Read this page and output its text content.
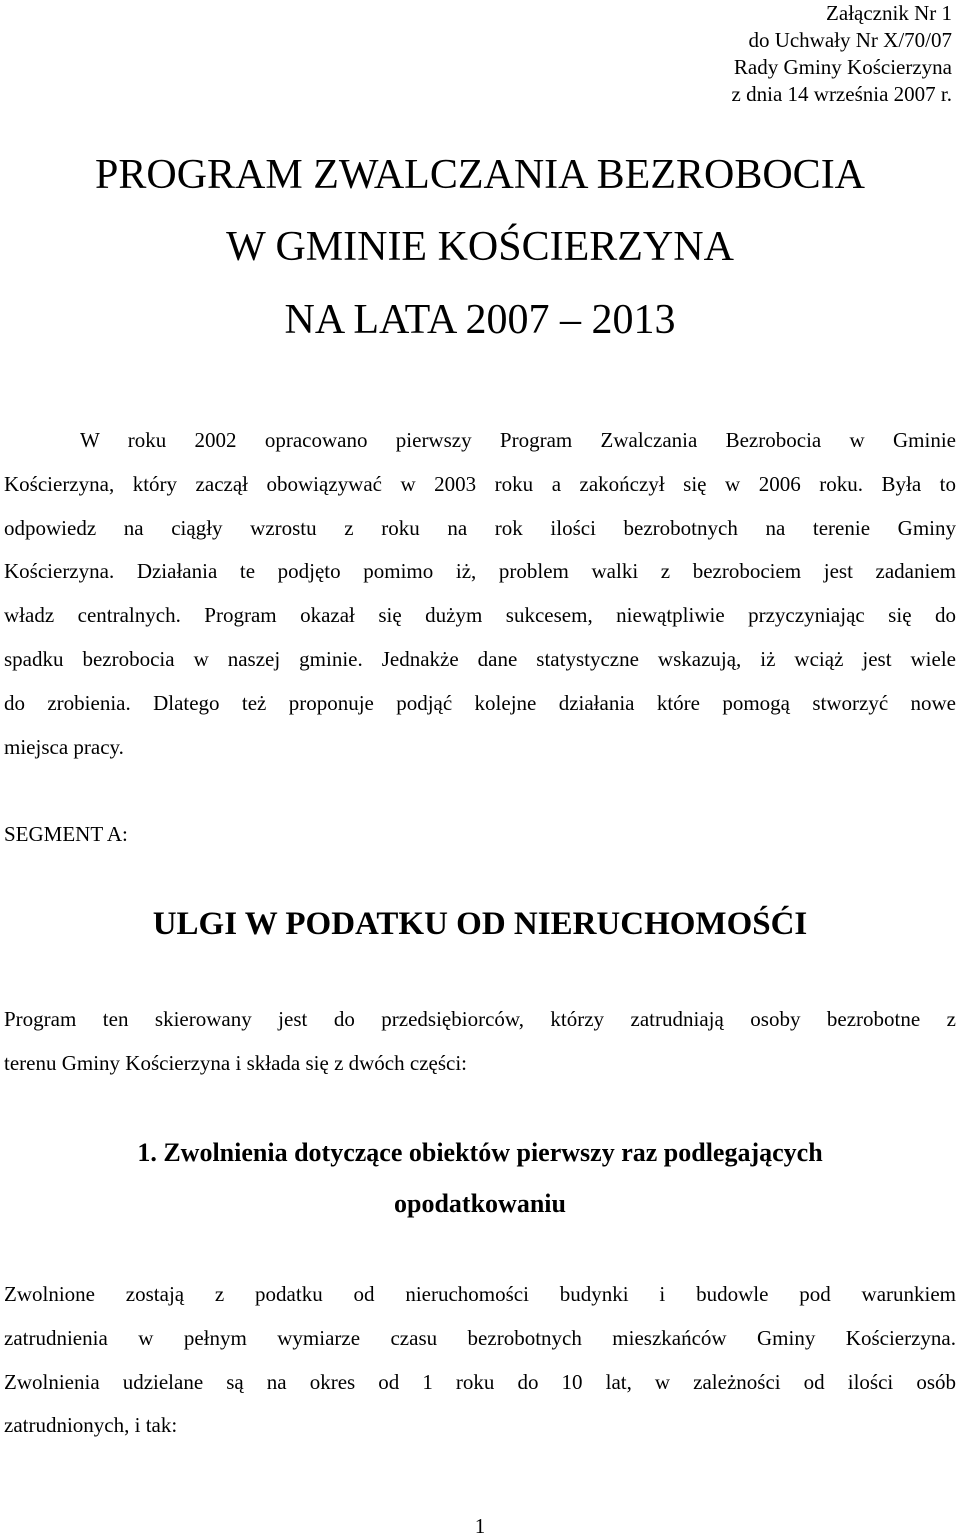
Załącznik Nr 1
do Uchwały Nr X/70/07
Rady Gminy Kościerzyna
z dnia 14 września 2007 r.
PROGRAM ZWALCZANIA BEZROBOCIA
W GMINIE KOŚCIERZYNA
NA LATA 2007 – 2013
W roku 2002 opracowano pierwszy Program Zwalczania Bezrobocia w Gminie
Kościerzyna, który zaczął obowiązywać w 2003 roku a zakończył się w 2006 roku. Była to
odpowiedz na ciągły wzrostu z roku na rok ilości bezrobotnych na terenie Gminy
Kościerzyna. Działania te podjęto pomimo iż, problem walki z bezrobociem jest zadaniem
władz centralnych. Program okazał się dużym sukcesem, niewątpliwie przyczyniając się do
spadku bezrobocia w naszej gminie. Jednakże dane statystyczne wskazują, iż wciąż jest wiele
do zrobienia. Dlatego też proponuje podjąć kolejne działania które pomogą stworzyć nowe
miejsca pracy.
SEGMENT A:
ULGI W PODATKU OD NIERUCHOMOŚĆI
Program ten skierowany jest do przedsiębiorców, którzy zatrudniają osoby bezrobotne z
terenu Gminy Kościerzyna i składa się z dwóch części:
1. Zwolnienia dotyczące obiektów pierwszy raz podlegających
opodatkowaniu
Zwolnione zostają z podatku od nieruchomości budynki i budowle pod warunkiem
zatrudnienia w pełnym wymiarze czasu bezrobotnych mieszkańców Gminy Kościerzyna.
Zwolnienia udzielane są na okres od 1 roku do 10 lat, w zależności od ilości osób
zatrudnionych, i tak:
1
